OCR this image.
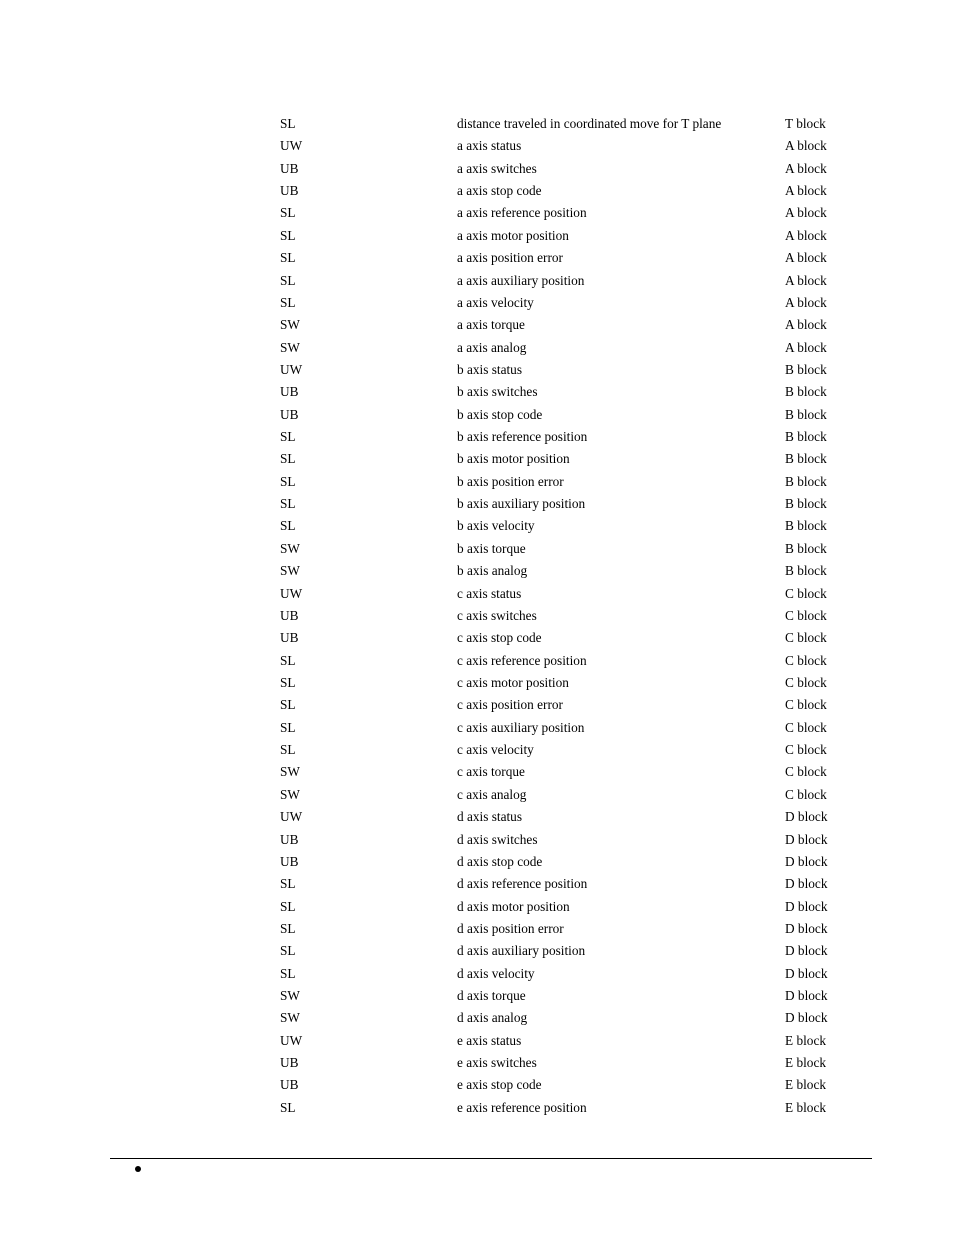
SL	distance traveled in coordinated move for T plane	T block
UW	a axis status	A block
UB	a axis switches	A block
UB	a axis stop code	A block
SL	a axis reference position	A block
SL	a axis motor position	A block
SL	a axis position error	A block
SL	a axis auxiliary position	A block
SL	a axis velocity	A block
SW	a axis torque	A block
SW	a axis analog	A block
UW	b axis status	B block
UB	b axis switches	B block
UB	b axis stop code	B block
SL	b axis reference position	B block
SL	b axis motor position	B block
SL	b axis position error	B block
SL	b axis auxiliary position	B block
SL	b axis velocity	B block
SW	b axis torque	B block
SW	b axis analog	B block
UW	c axis status	C block
UB	c axis switches	C block
UB	c axis stop code	C block
SL	c axis reference position	C block
SL	c axis motor position	C block
SL	c axis position error	C block
SL	c axis auxiliary position	C block
SL	c axis velocity	C block
SW	c axis torque	C block
SW	c axis analog	C block
UW	d axis status	D block
UB	d axis switches	D block
UB	d axis stop code	D block
SL	d axis reference position	D block
SL	d axis motor position	D block
SL	d axis position error	D block
SL	d axis auxiliary position	D block
SL	d axis velocity	D block
SW	d axis torque	D block
SW	d axis analog	D block
UW	e axis status	E block
UB	e axis switches	E block
UB	e axis stop code	E block
SL	e axis reference position	E block
